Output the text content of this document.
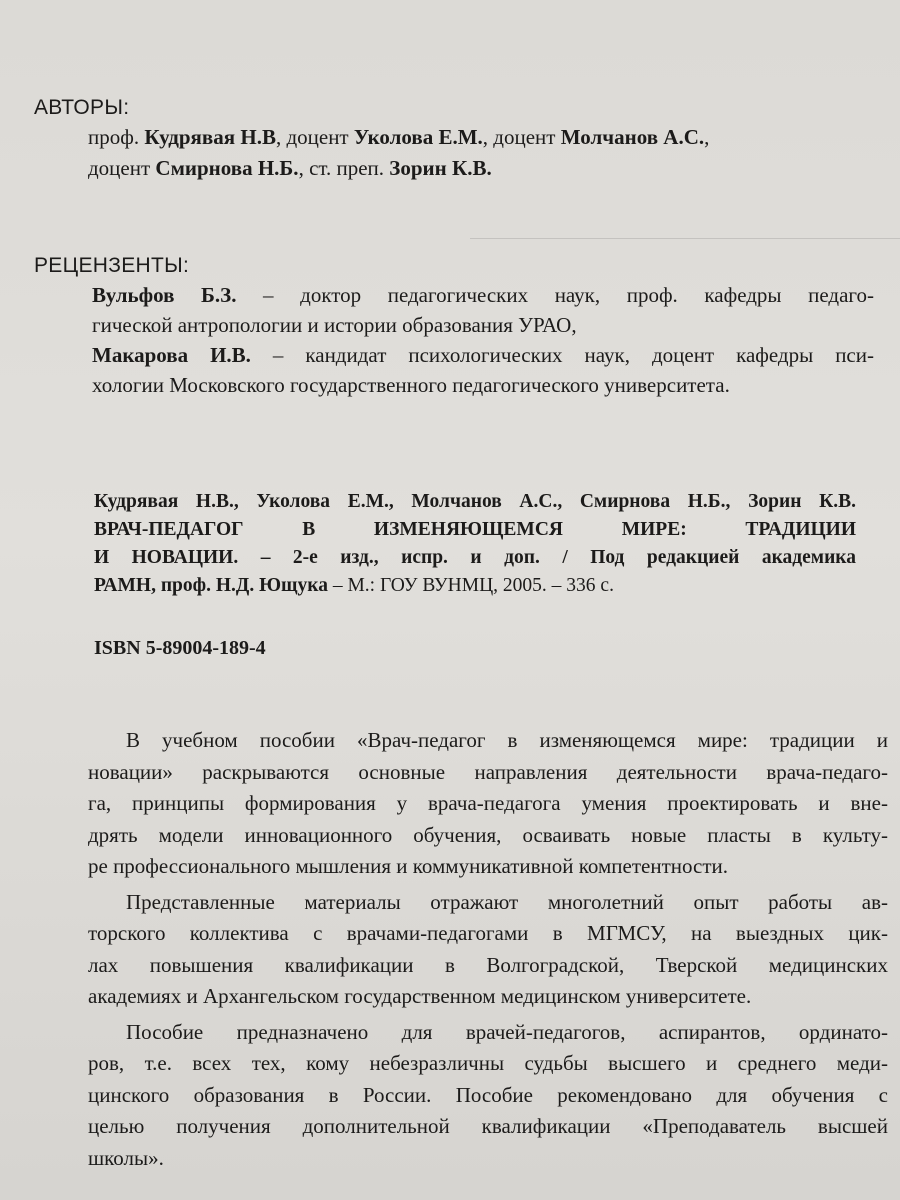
АВТОРЫ:

проф. Кудрявая Н.В, доцент Уколова Е.М., доцент Молчанов А.С.,

доцент Смирнова Н.Б., ст. преп. Зорин К.В.

РЕЦЕНЗЕНТЫ:

Вульфов Б.З. – доктор педагогических наук, проф. кафедры педаго-

гической антропологии и истории образования УРАО,

Макарова И.В. – кандидат психологических наук, доцент кафедры пси-

хологии Московского государственного педагогического университета.

Кудрявая Н.В., Уколова Е.М., Молчанов А.С., Смирнова Н.Б., Зорин К.В.
ВРАЧ-ПЕДАГОГ В ИЗМЕНЯЮЩЕМСЯ МИРЕ: ТРАДИЦИИ
И НОВАЦИИ. – 2-е изд., испр. и доп. / Под редакцией академика
РАМН, проф. Н.Д. Ющука – М.: ГОУ ВУНМЦ, 2005. – 336 с.
ISBN 5-89004-189-4

В учебном пособии «Врач-педагог в изменяющемся мире: традиции и
новации» раскрываются основные направления деятельности врача-педаго-
га, принципы формирования у врача-педагога умения проектировать и вне-
дрять модели инновационного обучения, осваивать новые пласты в культу-
ре профессионального мышления и коммуникативной компетентности.

Представленные материалы отражают многолетний опыт работы ав-
торского коллектива с врачами-педагогами в МГМСУ, на выездных цик-
лах повышения квалификации в Волгоградской, Тверской медицинских
академиях и Архангельском государственном медицинском университете.

Пособие предназначено для врачей-педагогов, аспирантов, ординато-
ров, т.е. всех тех, кому небезразличны судьбы высшего и среднего меди-
цинского образования в России. Пособие рекомендовано для обучения с
целью получения дополнительной квалификации «Преподаватель высшей
школы».
